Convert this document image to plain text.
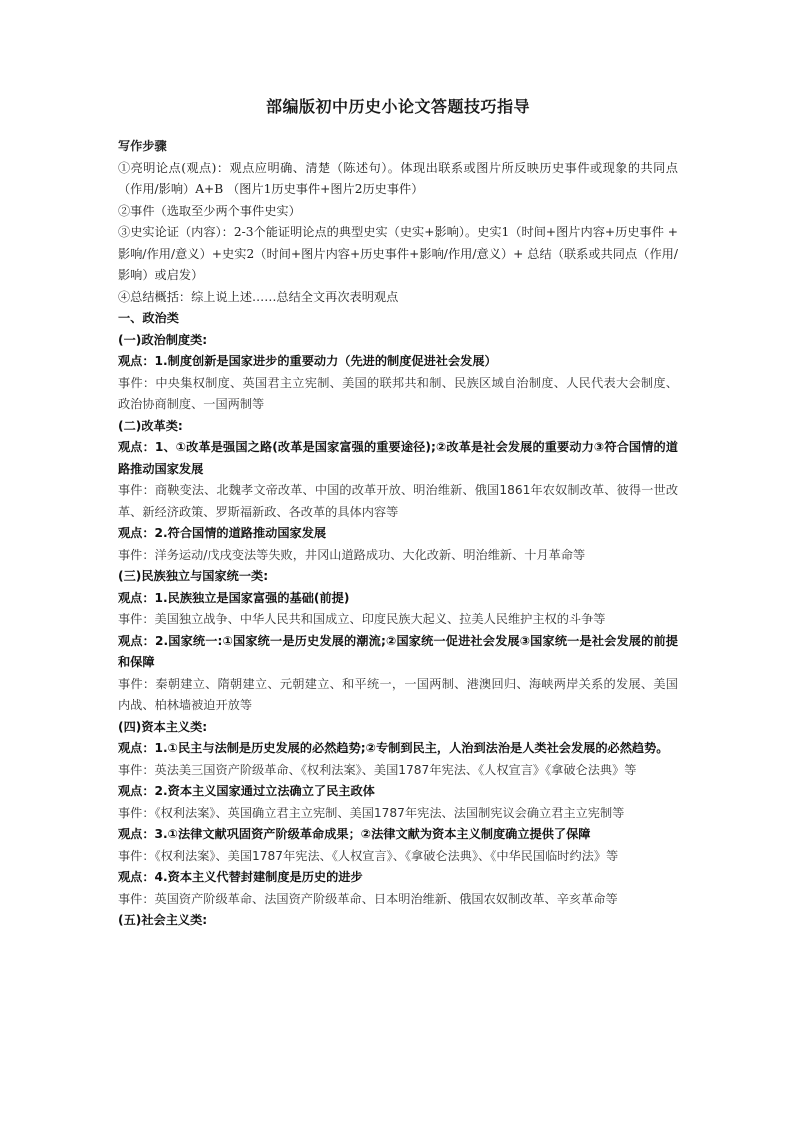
部编版初中历史小论文答题技巧指导

写作步骤

①亮明论点(观点)：观点应明确、清楚（陈述句）。体现出联系或图片所反映历史事件或现象的共同点（作用/影响）A+B （图片1历史事件+图片2历史事件）

②事件（选取至少两个事件史实）

③史实论证（内容）：2-3个能证明论点的典型史实（史实+影响）。史实1（时间+图片内容+历史事件 + 影响/作用/意义）+史实2（时间+图片内容+历史事件+影响/作用/意义）+ 总结（联系或共同点（作用/影响）或启发）

④总结概括：综上说上述……总结全文再次表明观点

一、政治类

(一)政治制度类:

观点：1.制度创新是国家进步的重要动力（先进的制度促进社会发展）

事件：中央集权制度、英国君主立宪制、美国的联邦共和制、民族区域自治制度、人民代表大会制度、政治协商制度、一国两制等

(二)改革类:

观点：1、①改革是强国之路(改革是国家富强的重要途径);②改革是社会发展的重要动力③符合国情的道路推动国家发展

事件：商鞅变法、北魏孝文帝改革、中国的改革开放、明治维新、俄国1861年农奴制改革、彼得一世改革、新经济政策、罗斯福新政、各改革的具体内容等

观点：2.符合国情的道路推动国家发展

事件：洋务运动/戊戌变法等失败，井冈山道路成功、大化改新、明治维新、十月革命等

(三)民族独立与国家统一类:

观点：1.民族独立是国家富强的基础(前提)

事件：美国独立战争、中华人民共和国成立、印度民族大起义、拉美人民维护主权的斗争等

观点：2.国家统一:①国家统一是历史发展的潮流;②国家统一促进社会发展③国家统一是社会发展的前提和保障

事件：秦朝建立、隋朝建立、元朝建立、和平统一，一国两制、港澳回归、海峡两岸关系的发展、美国内战、柏林墙被迫开放等

(四)资本主义类:

观点：1.①民主与法制是历史发展的必然趋势;②专制到民主，人治到法治是人类社会发展的必然趋势。

事件：英法美三国资产阶级革命、《权利法案》、美国1787年宪法、《人权宣言》《拿破仑法典》等

观点：2.资本主义国家通过立法确立了民主政体

事件：《权利法案》、英国确立君主立宪制、美国1787年宪法、法国制宪议会确立君主立宪制等

观点：3.①法律文献巩固资产阶级革命成果；②法律文献为资本主义制度确立提供了保障

事件：《权利法案》、美国1787年宪法、《人权宣言》、《拿破仑法典》、《中华民国临时约法》等

观点：4.资本主义代替封建制度是历史的进步

事件：英国资产阶级革命、法国资产阶级革命、日本明治维新、俄国农奴制改革、辛亥革命等

(五)社会主义类:
